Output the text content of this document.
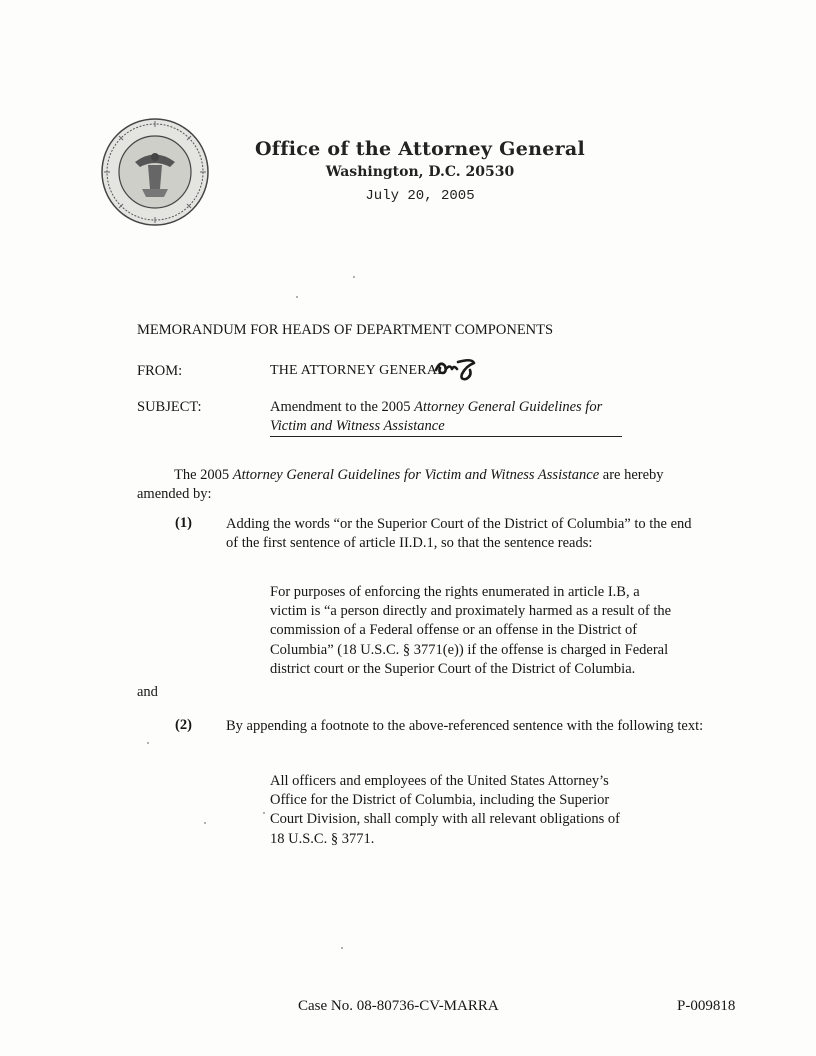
Office of the Attorney General
Washington, D.C. 20530
July 20, 2005
MEMORANDUM FOR HEADS OF DEPARTMENT COMPONENTS
FROM:	THE ATTORNEY GENERAL
SUBJECT:	Amendment to the 2005 Attorney General Guidelines for
Victim and Witness Assistance
The 2005 Attorney General Guidelines for Victim and Witness Assistance are hereby amended by:
(1) Adding the words “or the Superior Court of the District of Columbia” to the end of the first sentence of article II.D.1, so that the sentence reads:
For purposes of enforcing the rights enumerated in article I.B, a victim is “a person directly and proximately harmed as a result of the commission of a Federal offense or an offense in the District of Columbia” (18 U.S.C. § 3771(e)) if the offense is charged in Federal district court or the Superior Court of the District of Columbia.
and
(2) By appending a footnote to the above-referenced sentence with the following text:
All officers and employees of the United States Attorney’s Office for the District of Columbia, including the Superior Court Division, shall comply with all relevant obligations of 18 U.S.C. § 3771.
Case No. 08-80736-CV-MARRA	P-009818
